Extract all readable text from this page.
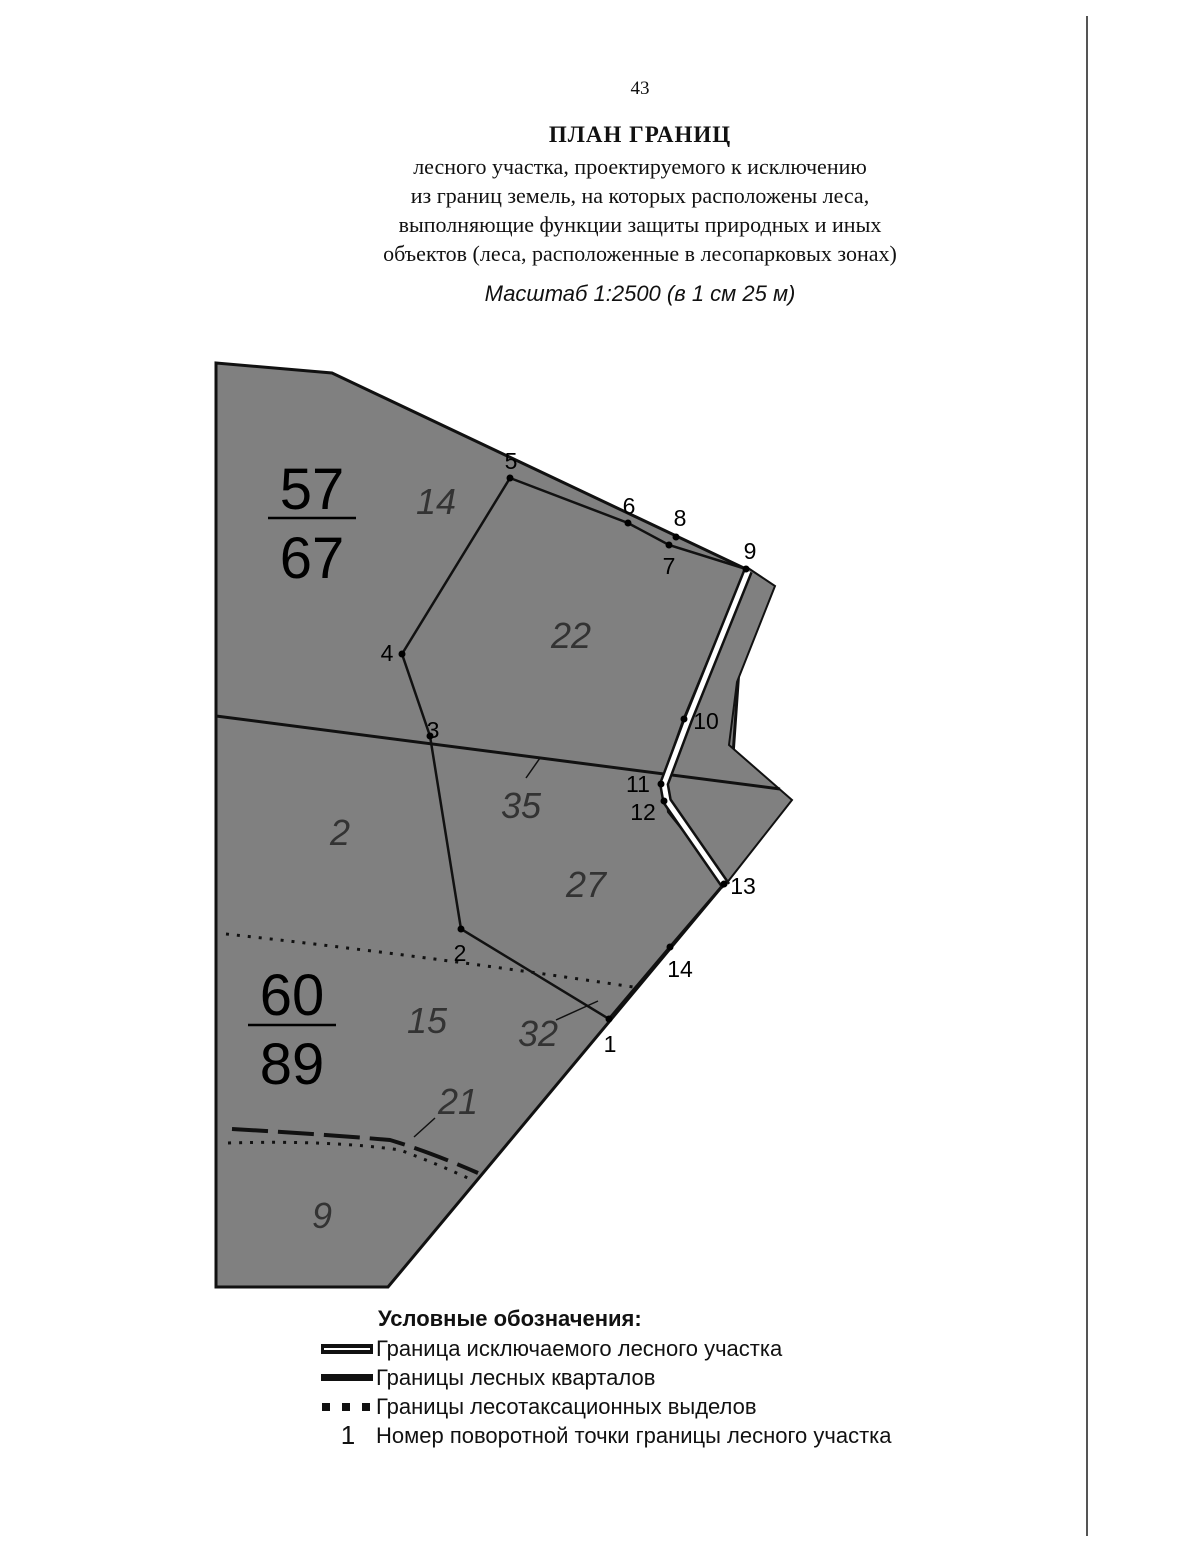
43
ПЛАН ГРАНИЦ
лесного участка, проектируемого к исключению
из границ земель, на которых расположены леса,
выполняющие функции защиты природных и иных
объектов (леса, расположенные в лесопарковых зонах)
Масштаб 1:2500 (в 1 см 25 м)
57
67
60
89
14
22
35
2
27
15 32
21
9
1
2
3
4
5
6
7
8
9
10
11
12
13
14
Условные обозначения:
Граница исключаемого лесного участка
Границы лесных кварталов
Границы лесотаксационных выделов
1 Номер поворотной точки границы лесного участка
